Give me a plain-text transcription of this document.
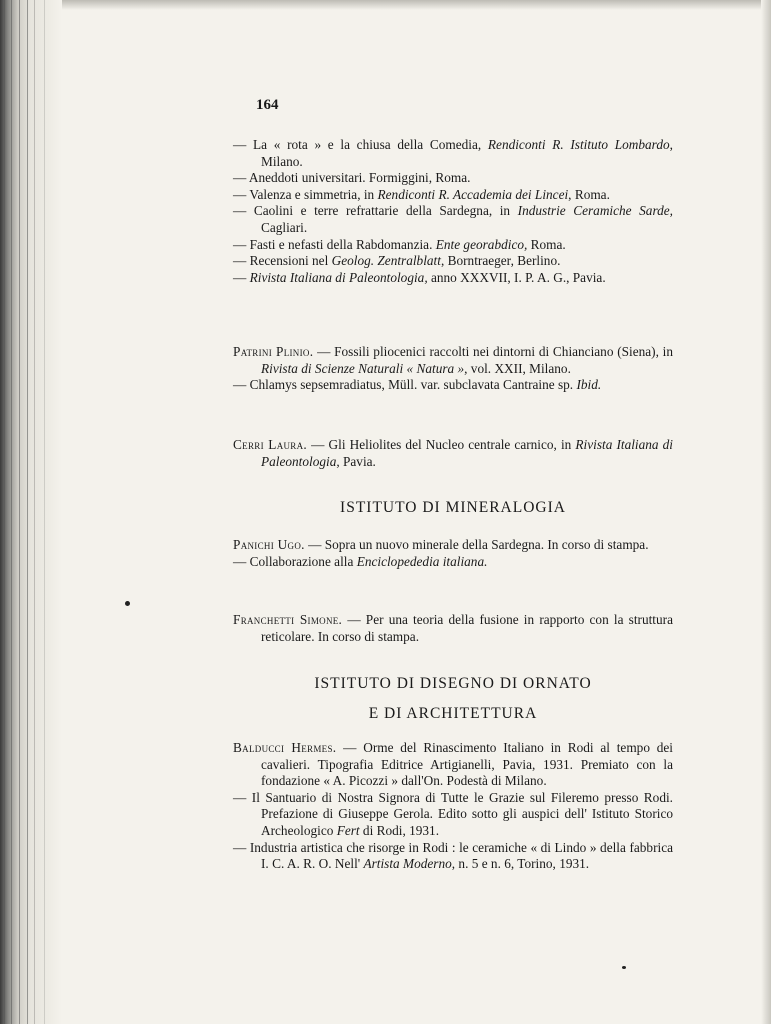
164
— La « rota » e la chiusa della Comedia, Rendiconti R. Istituto Lombardo, Milano.
— Aneddoti universitari. Formiggini, Roma.
— Valenza e simmetria, in Rendiconti R. Accademia dei Lincei, Roma.
— Caolini e terre refrattarie della Sardegna, in Industrie Ceramiche Sarde, Cagliari.
— Fasti e nefasti della Rabdomanzia. Ente georabdico, Roma.
— Recensioni nel Geolog. Zentralblatt, Borntraeger, Berlino.
— Rivista Italiana di Paleontologia, anno XXXVII, I. P. A. G., Pavia.
Patrini Plinio. — Fossili pliocenici raccolti nei dintorni di Chianciano (Siena), in Rivista di Scienze Naturali « Natura », vol. XXII, Milano.
— Chlamys sepsemradiatus, Müll. var. subclavata Cantraine sp. Ibid.
Cerri Laura. — Gli Heliolites del Nucleo centrale carnico, in Rivista Italiana di Paleontologia, Pavia.
ISTITUTO DI MINERALOGIA
Panichi Ugo. — Sopra un nuovo minerale della Sardegna. In corso di stampa.
— Collaborazione alla Enciclopededia italiana.
Franchetti Simone. — Per una teoria della fusione in rapporto con la struttura reticolare. In corso di stampa.
ISTITUTO DI DISEGNO DI ORNATO
E DI ARCHITETTURA
Balducci Hermes. — Orme del Rinascimento Italiano in Rodi al tempo dei cavalieri. Tipografia Editrice Artigianelli, Pavia, 1931. Premiato con la fondazione « A. Picozzi » dall'On. Podestà di Milano.
— Il Santuario di Nostra Signora di Tutte le Grazie sul Fileremo presso Rodi. Prefazione di Giuseppe Gerola. Edito sotto gli auspici dell' Istituto Storico Archeologico Fert di Rodi, 1931.
— Industria artistica che risorge in Rodi : le ceramiche « di Lindo » della fabbrica I. C. A. R. O. Nell' Artista Moderno, n. 5 e n. 6, Torino, 1931.
